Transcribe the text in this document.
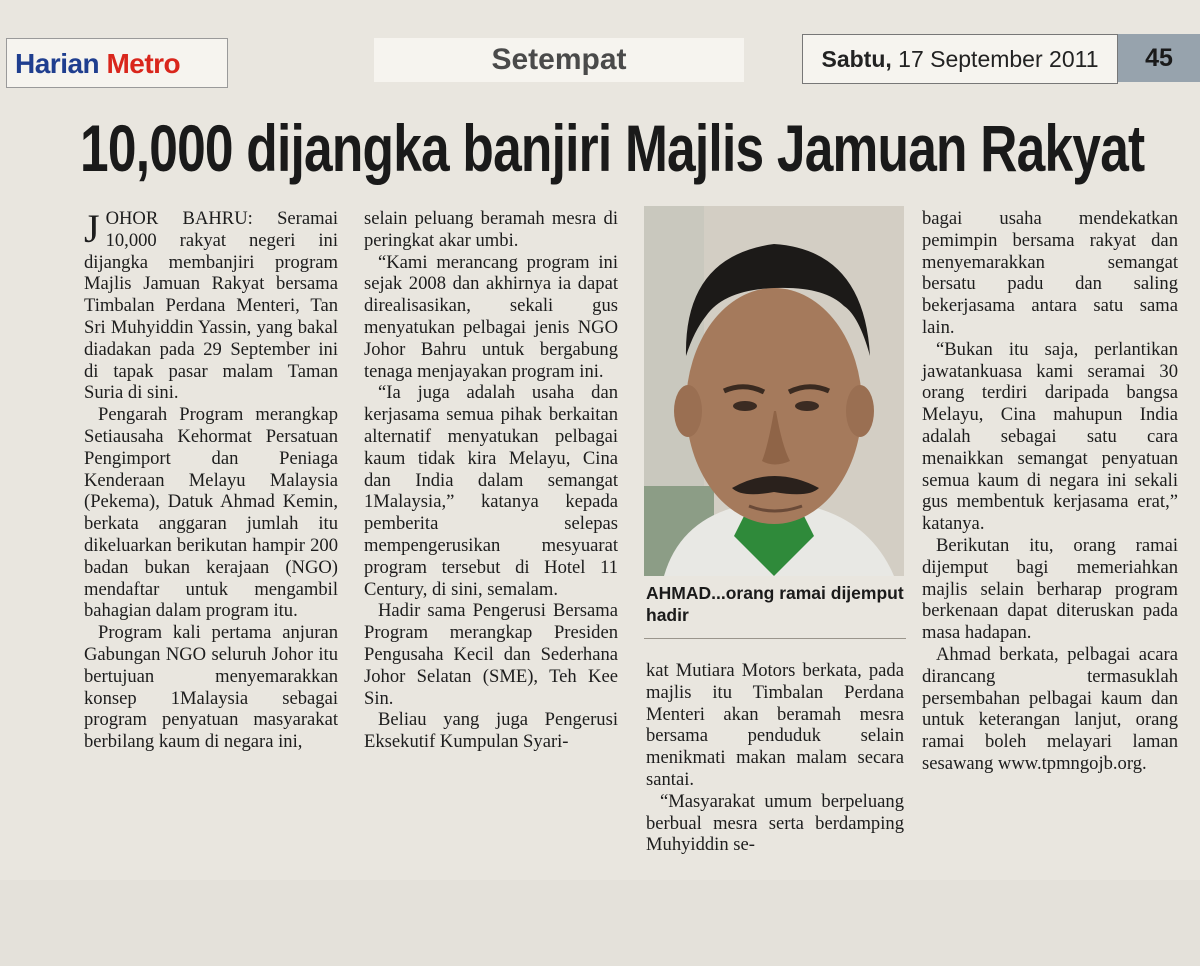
Harian Metro	Setempat	Sabtu, 17 September 2011	45
10,000 dijangka banjiri Majlis Jamuan Rakyat

JOHOR BAHRU: Seramai 10,000 rakyat negeri ini dijangka membanjiri program Majlis Jamuan Rakyat bersama Timbalan Perdana Menteri, Tan Sri Muhyiddin Yassin, yang bakal diadakan pada 29 September ini di tapak pasar malam Taman Suria di sini.

Pengarah Program merangkap Setiausaha Kehormat Persatuan Pengimport dan Peniaga Kenderaan Melayu Malaysia (Pekema), Datuk Ahmad Kemin, berkata anggaran jumlah itu dikeluarkan berikutan hampir 200 badan bukan kerajaan (NGO) mendaftar untuk mengambil bahagian dalam program itu.

Program kali pertama anjuran Gabungan NGO seluruh Johor itu bertujuan menyemarakkan konsep 1Malaysia sebagai program penyatuan masyarakat berbilang kaum di negara ini,

selain peluang beramah mesra di peringkat akar umbi.

“Kami merancang program ini sejak 2008 dan akhirnya ia dapat direalisasikan, sekali gus menyatukan pelbagai jenis NGO Johor Bahru untuk bergabung tenaga menjayakan program ini.

“Ia juga adalah usaha dan kerjasama semua pihak berkaitan alternatif menyatukan pelbagai kaum tidak kira Melayu, Cina dan India dalam semangat 1Malaysia,” katanya kepada pemberita selepas mempengerusikan mesyuarat program tersebut di Hotel 11 Century, di sini, semalam.

Hadir sama Pengerusi Bersama Program merangkap Presiden Pengusaha Kecil dan Sederhana Johor Selatan (SME), Teh Kee Sin.

Beliau yang juga Pengerusi Eksekutif Kumpulan Syari-

AHMAD...orang ramai dijemput hadir

kat Mutiara Motors berkata, pada majlis itu Timbalan Perdana Menteri akan beramah mesra bersama penduduk selain menikmati makan malam secara santai.

“Masyarakat umum berpeluang berbual mesra serta berdamping Muhyiddin se-

bagai usaha mendekatkan pemimpin bersama rakyat dan menyemarakkan semangat bersatu padu dan saling bekerjasama antara satu sama lain.

“Bukan itu saja, perlantikan jawatankuasa kami seramai 30 orang terdiri daripada bangsa Melayu, Cina mahupun India adalah sebagai satu cara menaikkan semangat penyatuan semua kaum di negara ini sekali gus membentuk kerjasama erat,” katanya.

Berikutan itu, orang ramai dijemput bagi memeriahkan majlis selain berharap program berkenaan dapat diteruskan pada masa hadapan.

Ahmad berkata, pelbagai acara dirancang termasuklah persembahan pelbagai kaum dan untuk keterangan lanjut, orang ramai boleh melayari laman sesawang www.tpmngojb.org.
